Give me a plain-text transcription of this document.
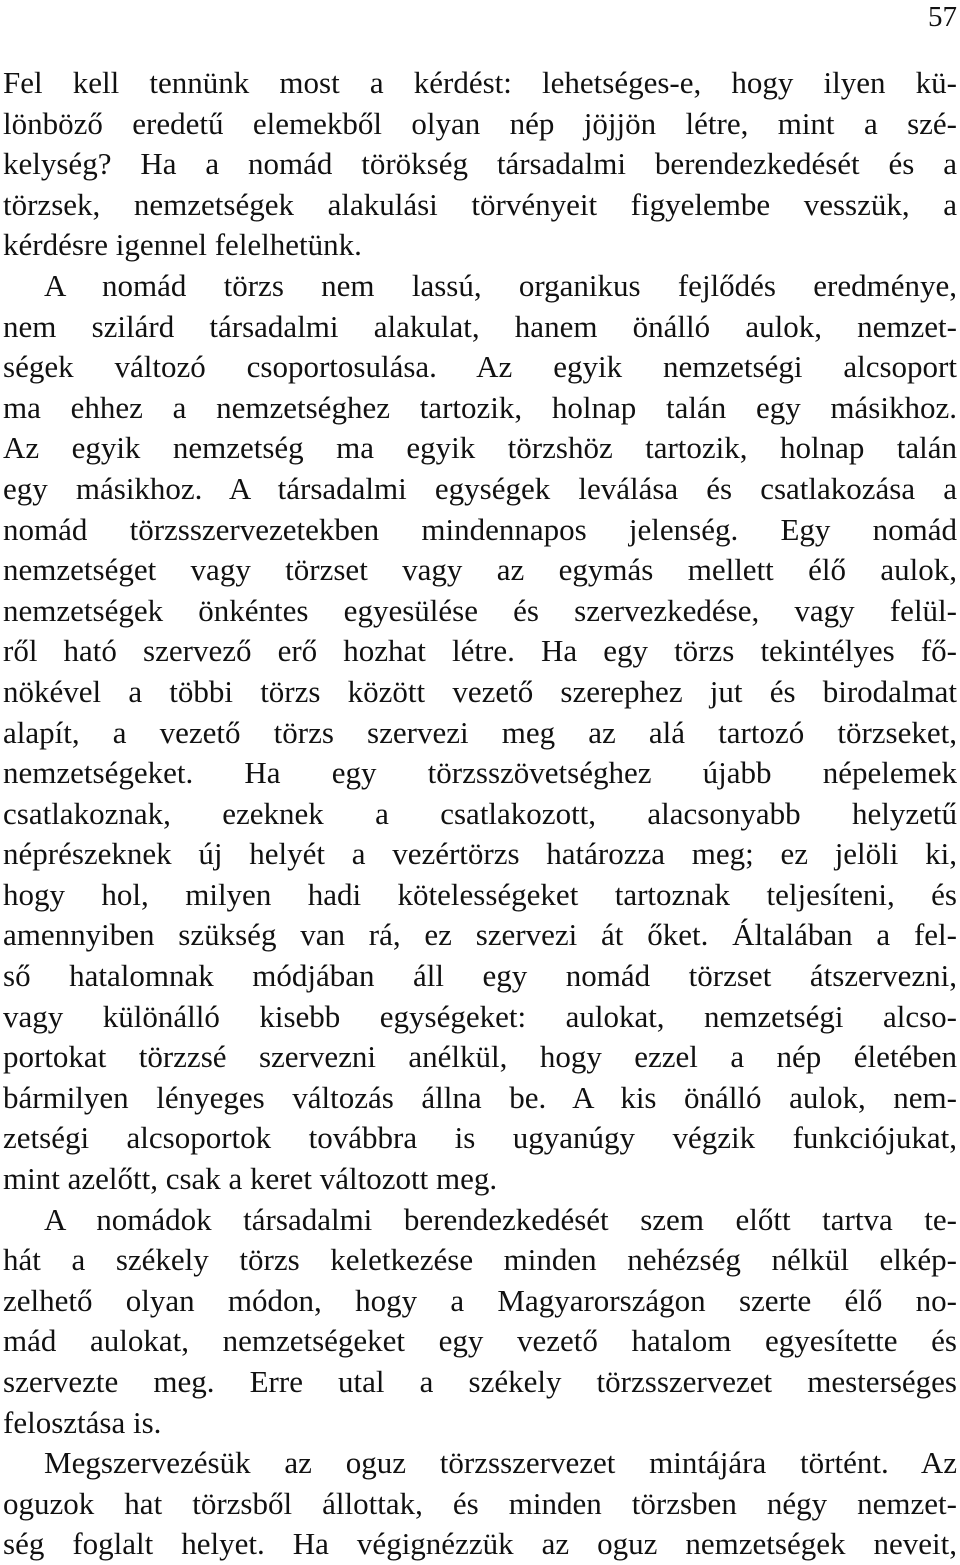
57
Fel kell tennünk most a kérdést: lehetséges-e, hogy ilyen kü-
lönböző eredetű elemekből olyan nép jöjjön létre, mint a szé-
kelység? Ha a nomád törökség társadalmi berendezkedését és a
törzsek, nemzetségek alakulási törvényeit figyelembe vesszük, a
kérdésre igennel felelhetünk.
A nomád törzs nem lassú, organikus fejlődés eredménye,
nem szilárd társadalmi alakulat, hanem önálló aulok, nemzet-
ségek változó csoportosulása. Az egyik nemzetségi alcsoport
ma ehhez a nemzetséghez tartozik, holnap talán egy másikhoz.
Az egyik nemzetség ma egyik törzshöz tartozik, holnap talán
egy másikhoz. A társadalmi egységek leválása és csatlakozása a
nomád törzsszervezetekben mindennapos jelenség. Egy nomád
nemzetséget vagy törzset vagy az egymás mellett élő aulok,
nemzetségek önkéntes egyesülése és szervezkedése, vagy felül-
ről ható szervező erő hozhat létre. Ha egy törzs tekintélyes fő-
nökével a többi törzs között vezető szerephez jut és birodalmat
alapít, a vezető törzs szervezi meg az alá tartozó törzseket,
nemzetségeket. Ha egy törzsszövetséghez újabb népelemek
csatlakoznak, ezeknek a csatlakozott, alacsonyabb helyzetű
néprészeknek új helyét a vezértörzs határozza meg; ez jelöli ki,
hogy hol, milyen hadi kötelességeket tartoznak teljesíteni, és
amennyiben szükség van rá, ez szervezi át őket. Általában a fel-
ső hatalomnak módjában áll egy nomád törzset átszervezni,
vagy különálló kisebb egységeket: aulokat, nemzetségi alcso-
portokat törzzsé szervezni anélkül, hogy ezzel a nép életében
bármilyen lényeges változás állna be. A kis önálló aulok, nem-
zetségi alcsoportok továbbra is ugyanúgy végzik funkciójukat,
mint azelőtt, csak a keret változott meg.
A nomádok társadalmi berendezkedését szem előtt tartva te-
hát a székely törzs keletkezése minden nehézség nélkül elkép-
zelhető olyan módon, hogy a Magyarországon szerte élő no-
mád aulokat, nemzetségeket egy vezető hatalom egyesítette és
szervezte meg. Erre utal a székely törzsszervezet mesterséges
felosztása is.
Megszervezésük az oguz törzsszervezet mintájára történt. Az
oguzok hat törzsből állottak, és minden törzsben négy nemzet-
ség foglalt helyet. Ha végignézzük az oguz nemzetségek neveit,
